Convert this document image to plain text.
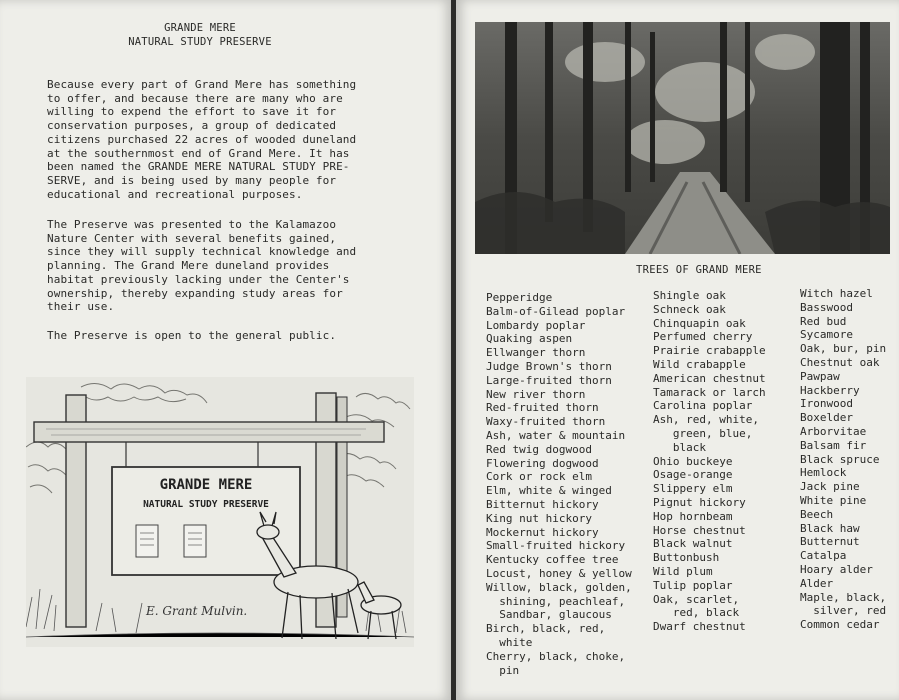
GRANDE MERE
NATURAL STUDY PRESERVE
Because every part of Grand Mere has something
to offer, and because there are many who are
willing to expend the effort to save it for
conservation purposes, a group of dedicated
citizens purchased 22 acres of wooded duneland
at the southernmost end of Grand Mere. It has
been named the GRANDE MERE NATURAL STUDY PRE-
SERVE, and is being used by many people for
educational and recreational purposes.
The Preserve was presented to the Kalamazoo
Nature Center with several benefits gained,
since they will supply technical knowledge and
planning. The Grand Mere duneland provides
habitat previously lacking under the Center's
ownership, thereby expanding study areas for
their use.
The Preserve is open to the general public.
GRANDE MERE
NATURAL STUDY PRESERVE
E. Grant Mulvin.
TREES OF GRAND MERE
Pepperidge
Balm-of-Gilead poplar
Lombardy poplar
Quaking aspen
Ellwanger thorn
Judge Brown's thorn
Large-fruited thorn
New river thorn
Red-fruited thorn
Waxy-fruited thorn
Ash, water & mountain
Red twig dogwood
Flowering dogwood
Cork or rock elm
Elm, white & winged
Bitternut hickory
King nut hickory
Mockernut hickory
Small-fruited hickory
Kentucky coffee tree
Locust, honey & yellow
Willow, black, golden,
shining, peachleaf,
Sandbar, glaucous
Birch, black, red,
white
Cherry, black, choke,
pin
Shingle oak
Schneck oak
Chinquapin oak
Perfumed cherry
Prairie crabapple
Wild crabapple
American chestnut
Tamarack or larch
Carolina poplar
Ash, red, white,
green, blue,
black
Ohio buckeye
Osage-orange
Slippery elm
Pignut hickory
Hop hornbeam
Horse chestnut
Black walnut
Buttonbush
Wild plum
Tulip poplar
Oak, scarlet,
red, black
Dwarf chestnut
Witch hazel
Basswood
Red bud
Sycamore
Oak, bur, pin
Chestnut oak
Pawpaw
Hackberry
Ironwood
Boxelder
Arborvitae
Balsam fir
Black spruce
Hemlock
Jack pine
White pine
Beech
Black haw
Butternut
Catalpa
Hoary alder
Alder
Maple, black,
silver, red
Common cedar
